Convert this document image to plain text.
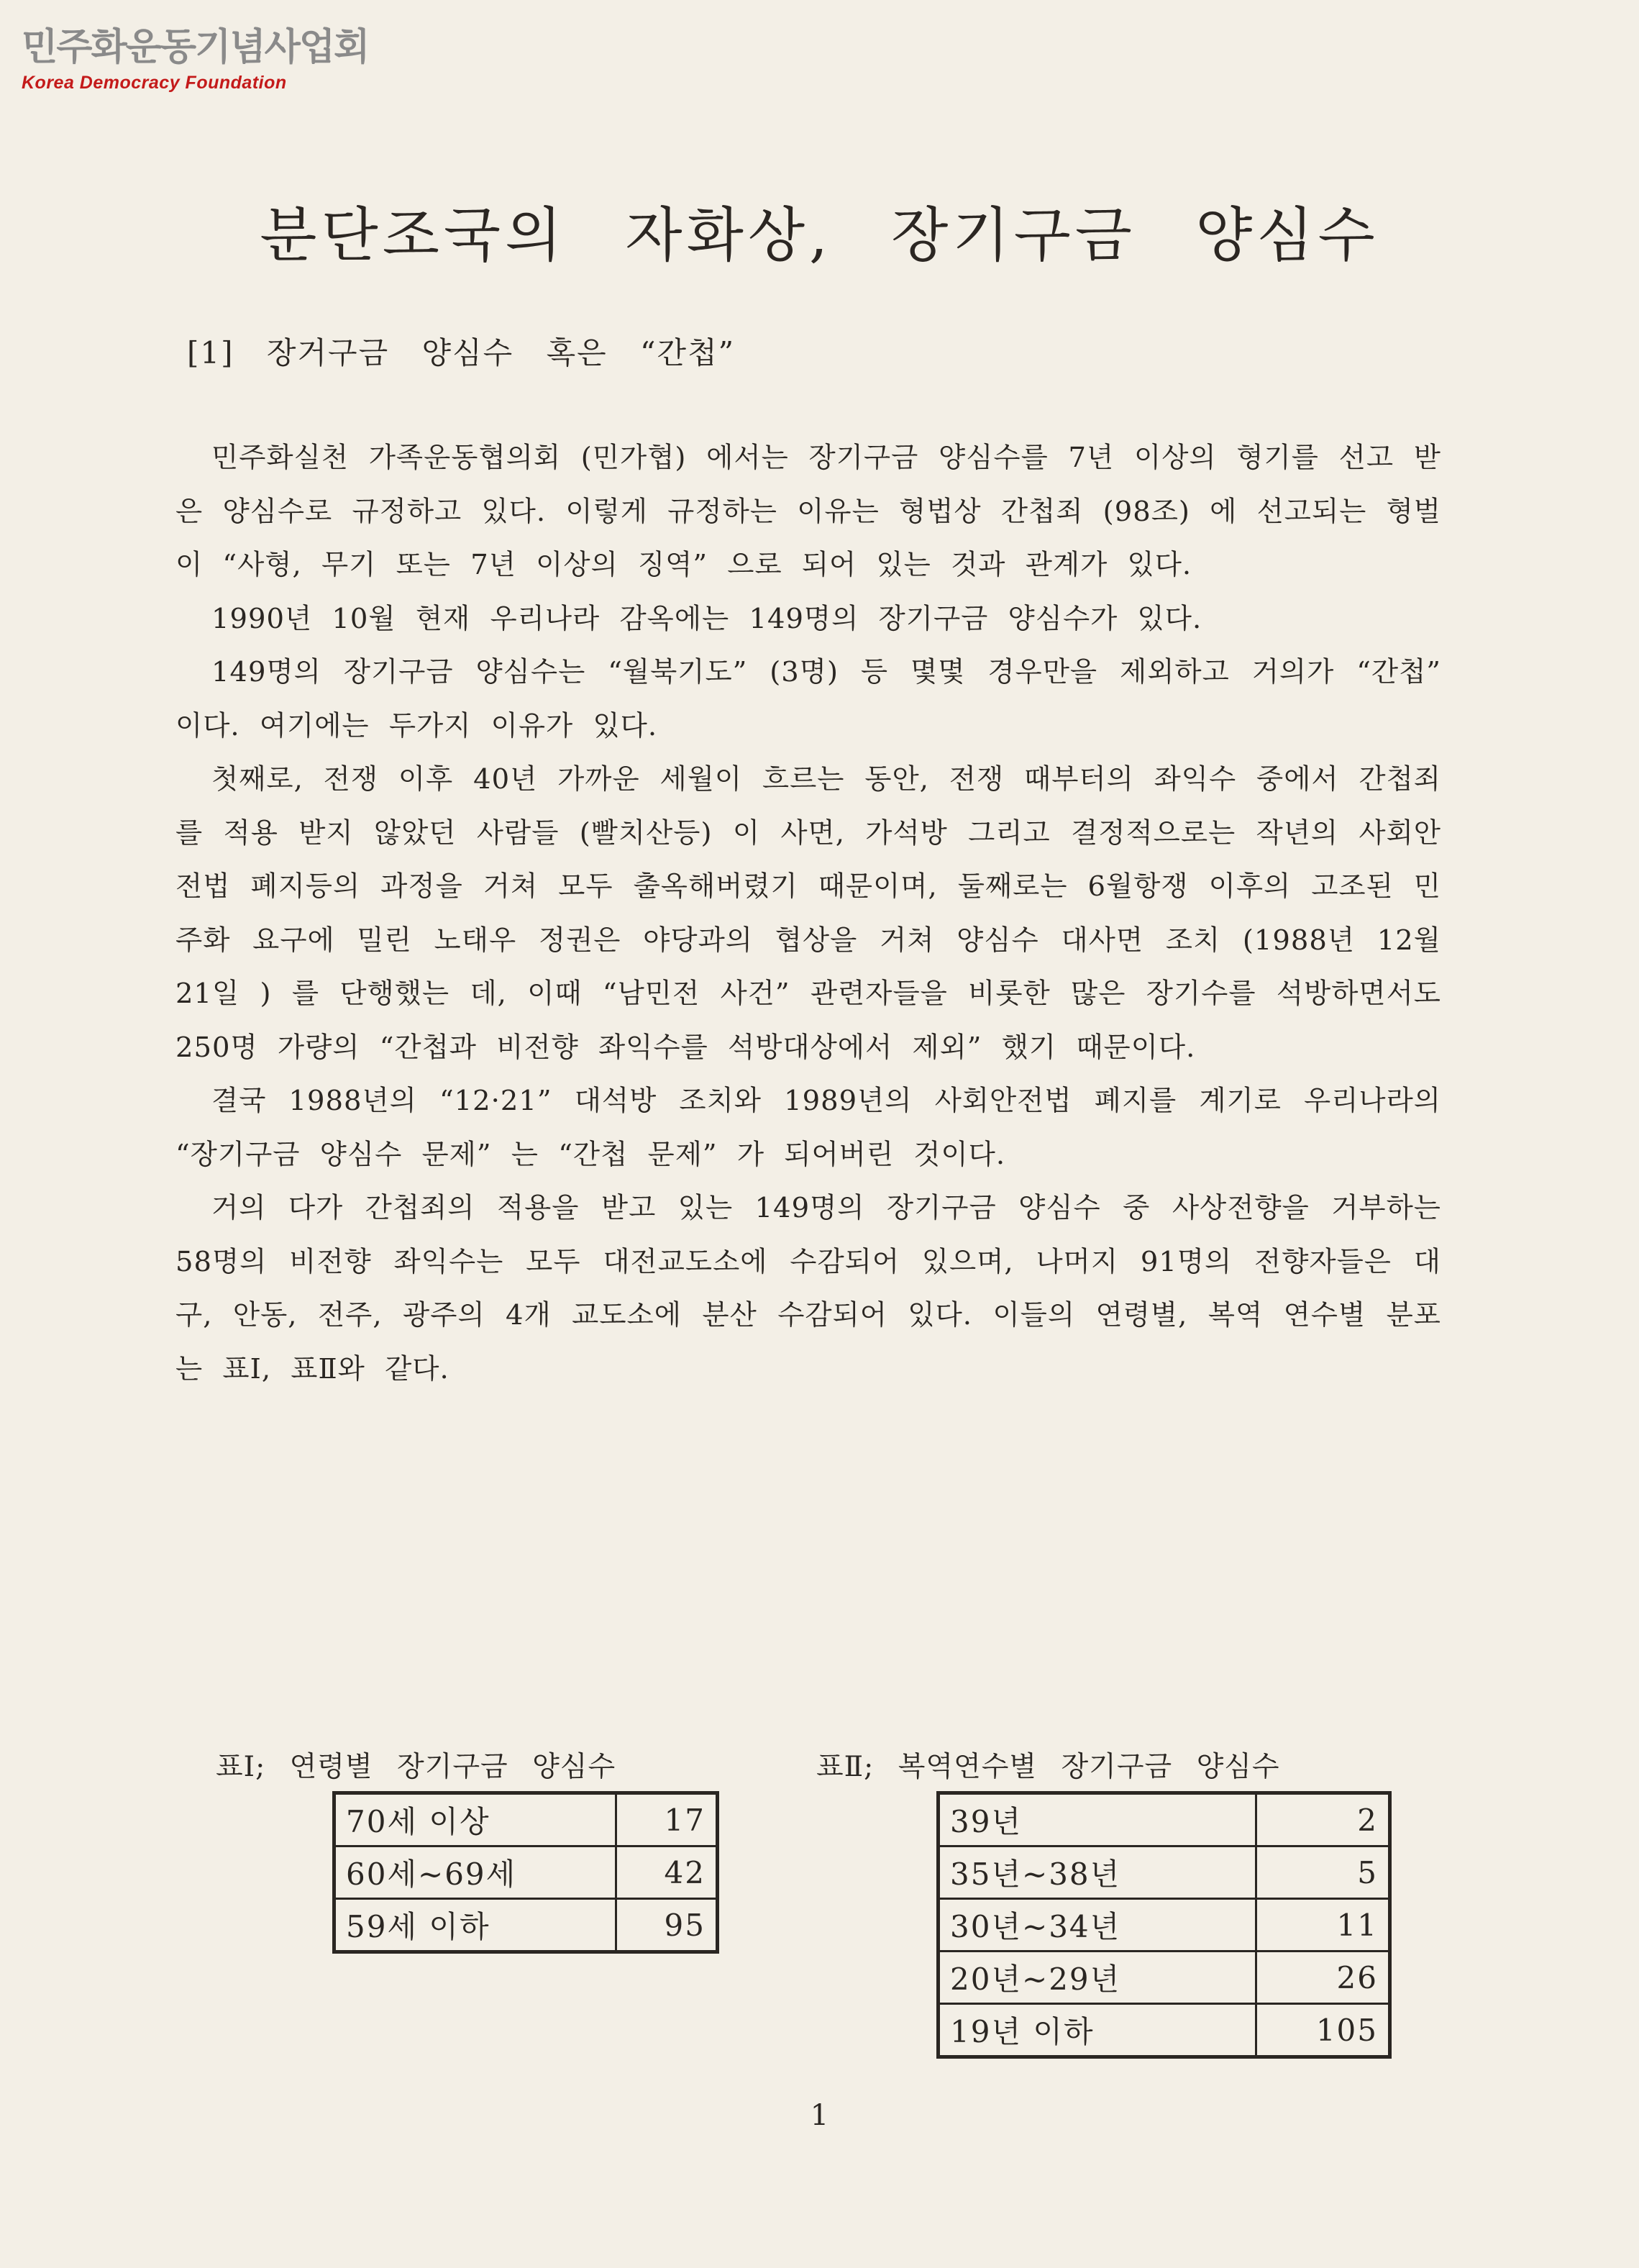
민주화운동기념사업회
Korea Democracy Foundation
분단조국의 자화상, 장기구금 양심수
[1] 장거구금 양심수 혹은 “간첩”

민주화실천 가족운동협의회 (민가협) 에서는 장기구금 양심수를 7년 이상의 형기를 선고 받은 양심수로 규정하고 있다. 이렇게 규정하는 이유는 형법상 간첩죄 (98조) 에 선고되는 형벌이 “사형, 무기 또는 7년 이상의 징역” 으로 되어 있는 것과 관계가 있다.

1990년 10월 현재 우리나라 감옥에는 149명의 장기구금 양심수가 있다.

149명의 장기구금 양심수는 “월북기도” (3명) 등 몇몇 경우만을 제외하고 거의가 “간첩” 이다. 여기에는 두가지 이유가 있다.

첫째로, 전쟁 이후 40년 가까운 세월이 흐르는 동안, 전쟁 때부터의 좌익수 중에서 간첩죄를 적용 받지 않았던 사람들 (빨치산등) 이 사면, 가석방 그리고 결정적으로는 작년의 사회안전법 폐지등의 과정을 거쳐 모두 출옥해버렸기 때문이며, 둘째로는 6월항쟁 이후의 고조된 민주화 요구에 밀린 노태우 정권은 야당과의 협상을 거쳐 양심수 대사면 조치 (1988년 12월 21일 ) 를 단행했는 데, 이때 “남민전 사건” 관련자들을 비롯한 많은 장기수를 석방하면서도 250명 가량의 “간첩과 비전향 좌익수를 석방대상에서 제외” 했기 때문이다.

결국 1988년의 “12·21” 대석방 조치와 1989년의 사회안전법 폐지를 계기로 우리나라의 “장기구금 양심수 문제” 는 “간첩 문제” 가 되어버린 것이다.

거의 다가 간첩죄의 적용을 받고 있는 149명의 장기구금 양심수 중 사상전향을 거부하는 58명의 비전향 좌익수는 모두 대전교도소에 수감되어 있으며, 나머지 91명의 전향자들은 대구, 안동, 전주, 광주의 4개 교도소에 분산 수감되어 있다. 이들의 연령별, 복역 연수별 분포는 표Ⅰ, 표Ⅱ와 같다.

표Ⅰ; 연령별 장기구금 양심수	표Ⅱ; 복역연수별 장기구금 양심수
70세 이상	17
60세~69세	42
59세 이하	95
39년	2
35년~38년	5
30년~34년	11
20년~29년	26
19년 이하	105
1
